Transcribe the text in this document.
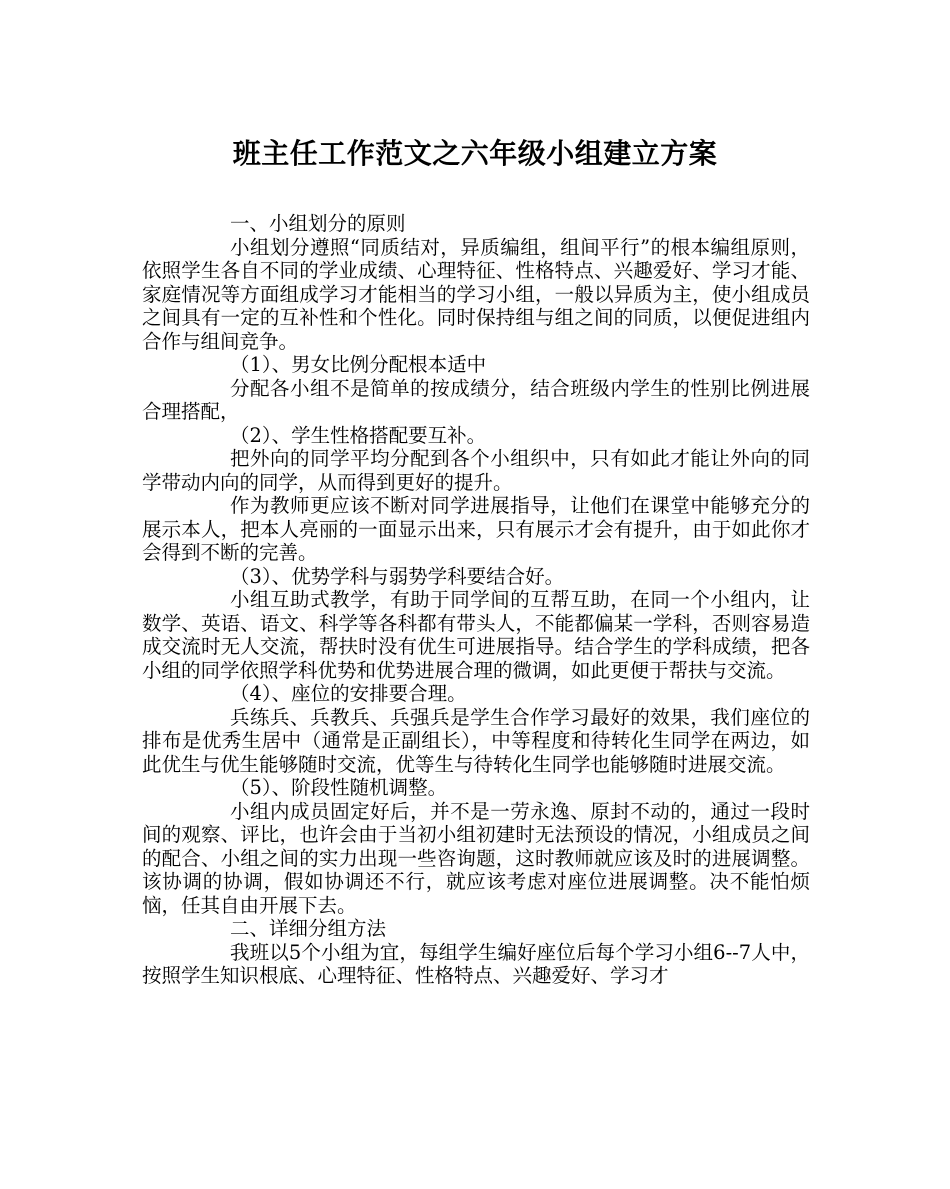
班主任工作范文之六年级小组建立方案

一、小组划分的原则

小组划分遵照“同质结对，异质编组，组间平行”的根本编组原则，依照学生各自不同的学业成绩、心理特征、性格特点、兴趣爱好、学习才能、家庭情况等方面组成学习才能相当的学习小组，一般以异质为主，使小组成员之间具有一定的互补性和个性化。同时保持组与组之间的同质，以便促进组内合作与组间竞争。

（1）、男女比例分配根本适中

分配各小组不是简单的按成绩分，结合班级内学生的性别比例进展合理搭配，

（2）、学生性格搭配要互补。

把外向的同学平均分配到各个小组织中，只有如此才能让外向的同学带动内向的同学，从而得到更好的提升。

作为教师更应该不断对同学进展指导，让他们在课堂中能够充分的展示本人，把本人亮丽的一面显示出来，只有展示才会有提升，由于如此你才会得到不断的完善。

（3）、优势学科与弱势学科要结合好。

小组互助式教学，有助于同学间的互帮互助，在同一个小组内，让数学、英语、语文、科学等各科都有带头人，不能都偏某一学科，否则容易造成交流时无人交流，帮扶时没有优生可进展指导。结合学生的学科成绩，把各小组的同学依照学科优势和优势进展合理的微调，如此更便于帮扶与交流。

（4）、座位的安排要合理。

兵练兵、兵教兵、兵强兵是学生合作学习最好的效果，我们座位的排布是优秀生居中（通常是正副组长），中等程度和待转化生同学在两边，如此优生与优生能够随时交流，优等生与待转化生同学也能够随时进展交流。

（5）、阶段性随机调整。

小组内成员固定好后，并不是一劳永逸、原封不动的，通过一段时间的观察、评比，也许会由于当初小组初建时无法预设的情况，小组成员之间的配合、小组之间的实力出现一些咨询题，这时教师就应该及时的进展调整。该协调的协调，假如协调还不行，就应该考虑对座位进展调整。决不能怕烦恼，任其自由开展下去。

二、详细分组方法

我班以5个小组为宜，每组学生编好座位后每个学习小组6--7人中，按照学生知识根底、心理特征、性格特点、兴趣爱好、学习才
